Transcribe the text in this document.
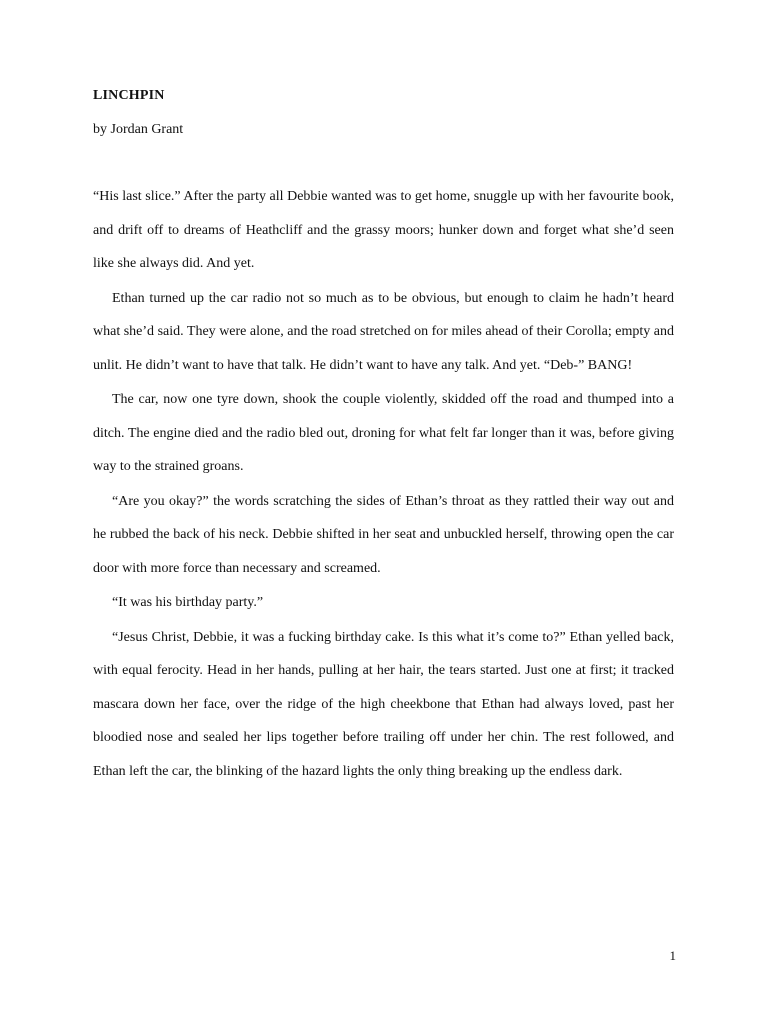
LINCHPIN

by Jordan Grant

“His last slice.” After the party all Debbie wanted was to get home, snuggle up with her favourite book, and drift off to dreams of Heathcliff and the grassy moors; hunker down and forget what she’d seen like she always did. And yet.

Ethan turned up the car radio not so much as to be obvious, but enough to claim he hadn’t heard what she’d said. They were alone, and the road stretched on for miles ahead of their Corolla; empty and unlit. He didn’t want to have that talk. He didn’t want to have any talk. And yet. “Deb-” BANG!

The car, now one tyre down, shook the couple violently, skidded off the road and thumped into a ditch. The engine died and the radio bled out, droning for what felt far longer than it was, before giving way to the strained groans.

“Are you okay?” the words scratching the sides of Ethan’s throat as they rattled their way out and he rubbed the back of his neck. Debbie shifted in her seat and unbuckled herself, throwing open the car door with more force than necessary and screamed.

“It was his birthday party.”

“Jesus Christ, Debbie, it was a fucking birthday cake. Is this what it’s come to?” Ethan yelled back, with equal ferocity. Head in her hands, pulling at her hair, the tears started. Just one at first; it tracked mascara down her face, over the ridge of the high cheekbone that Ethan had always loved, past her bloodied nose and sealed her lips together before trailing off under her chin. The rest followed, and Ethan left the car, the blinking of the hazard lights the only thing breaking up the endless dark.

1
